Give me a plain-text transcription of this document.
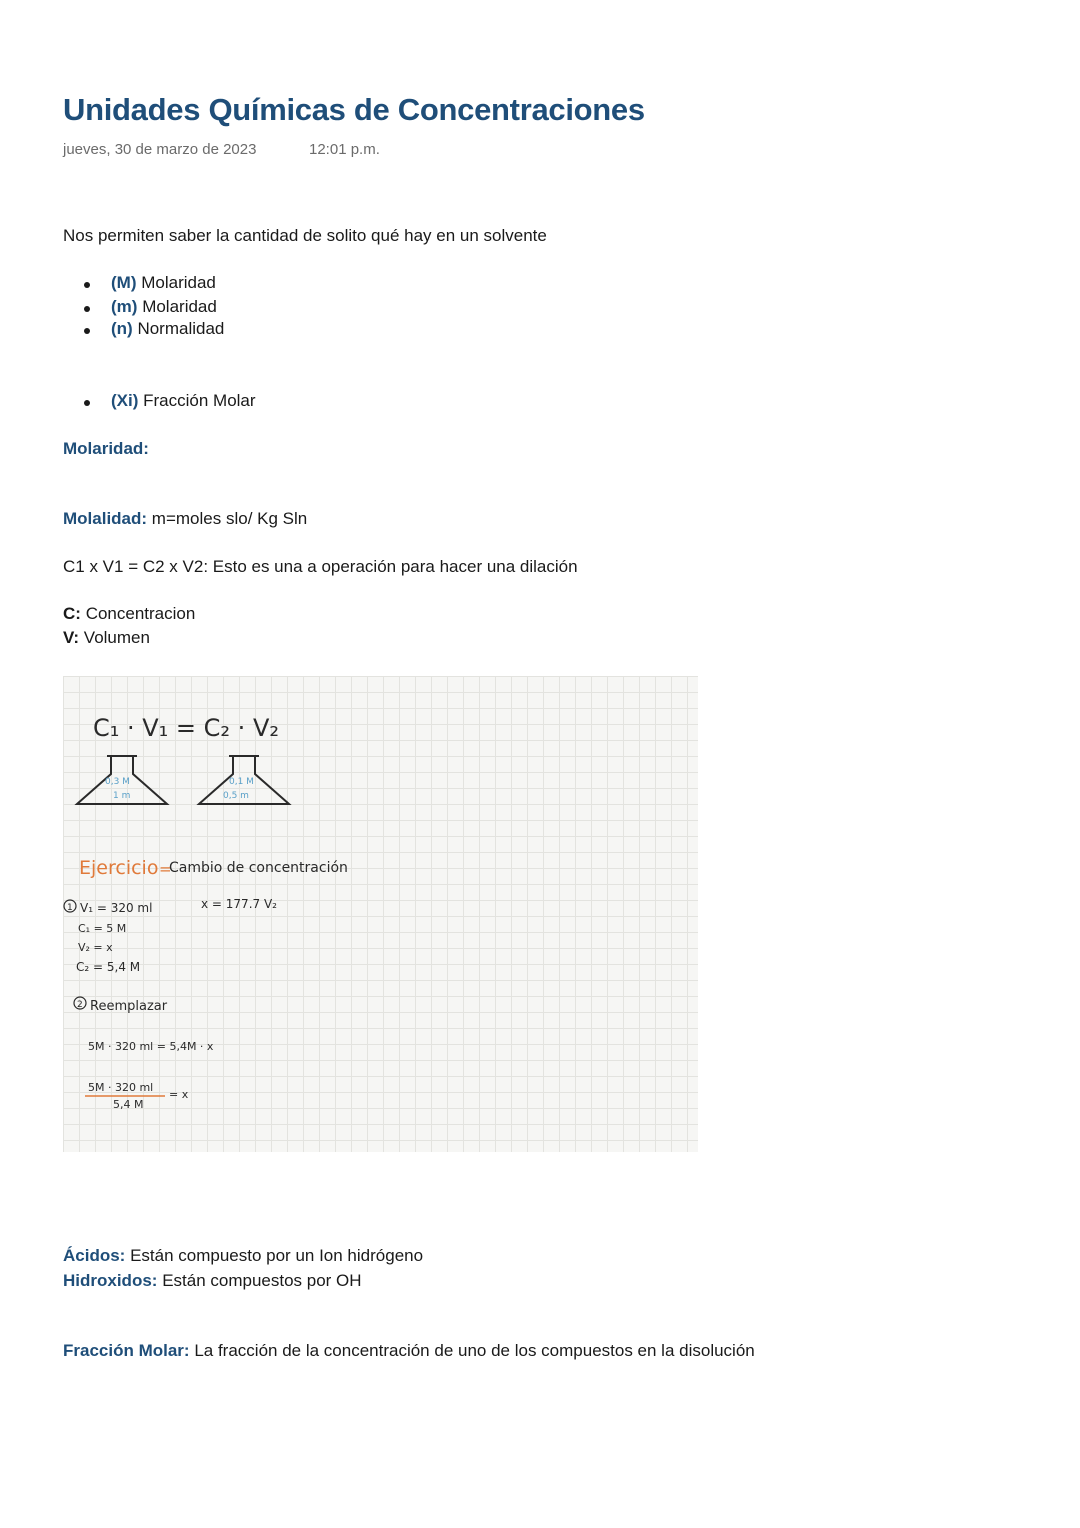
Unidades Químicas de Concentraciones
jueves, 30 de marzo de 2023	12:01 p.m.
Nos permiten saber la cantidad de solito qué hay en un solvente
(M) Molaridad
(m) Molaridad
(n) Normalidad
(Xi) Fracción Molar
Molaridad:
Molalidad: m=moles slo/ Kg Sln
C1 x V1 = C2 x V2: Esto es una a operación para hacer una dilación
C: Concentracion
V: Volumen
C₁ · V₁ = C₂ · V₂
0,3 M
1 m
0,1 M
0,5 m
Ejercicio =
Cambio de concentración
1 V₁ = 320 ml
C₁ = 5 M
V₂ = x
C₂ = 5,4 M
x = 177.7 V₂
2 Reemplazar
5M · 320 ml = 5,4M · x
5M · 320 ml
5,4 M
= x
Ácidos: Están compuesto por un Ion hidrógeno
Hidroxidos: Están compuestos por OH
Fracción Molar: La fracción de la concentración de uno de los compuestos en la disolución
